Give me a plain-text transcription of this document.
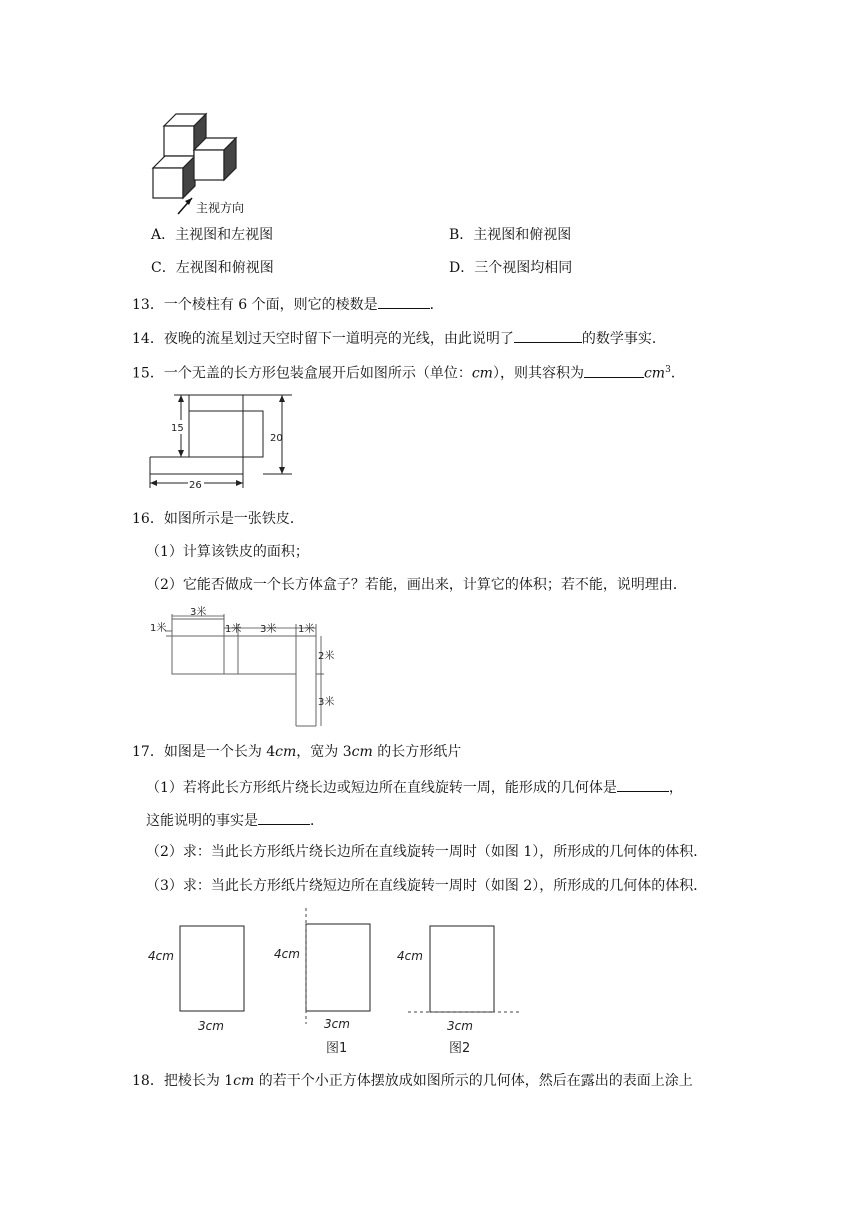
主视方向
A．主视图和左视图	B．主视图和俯视图
C．左视图和俯视图	D．三个视图均相同
13．一个棱柱有 6 个面，则它的棱数是	．
14．夜晚的流星划过天空时留下一道明亮的光线，由此说明了	的数学事实．
15．一个无盖的长方形包装盒展开后如图所示（单位：cm），则其容积为	$cm^3$．
15
20
26
16．如图所示是一张铁皮．
（1）计算该铁皮的面积；
（2）它能否做成一个长方体盒子？若能，画出来，计算它的体积；若不能，说明理由．
3米
1米	1米 3米 1米
2米
3米
17．如图是一个长为 4cm，宽为 3cm 的长方形纸片
（1）若将此长方形纸片绕长边或短边所在直线旋转一周，能形成的几何体是	，
这能说明的事实是	．
（2）求：当此长方形纸片绕长边所在直线旋转一周时（如图 1），所形成的几何体的体积．
（3）求：当此长方形纸片绕短边所在直线旋转一周时（如图 2），所形成的几何体的体积．
4cm
3cm
4cm
3cm
图1
4cm
3cm
图2
18．把棱长为 1cm 的若干个小正方体摆放成如图所示的几何体，然后在露出的表面上涂上
